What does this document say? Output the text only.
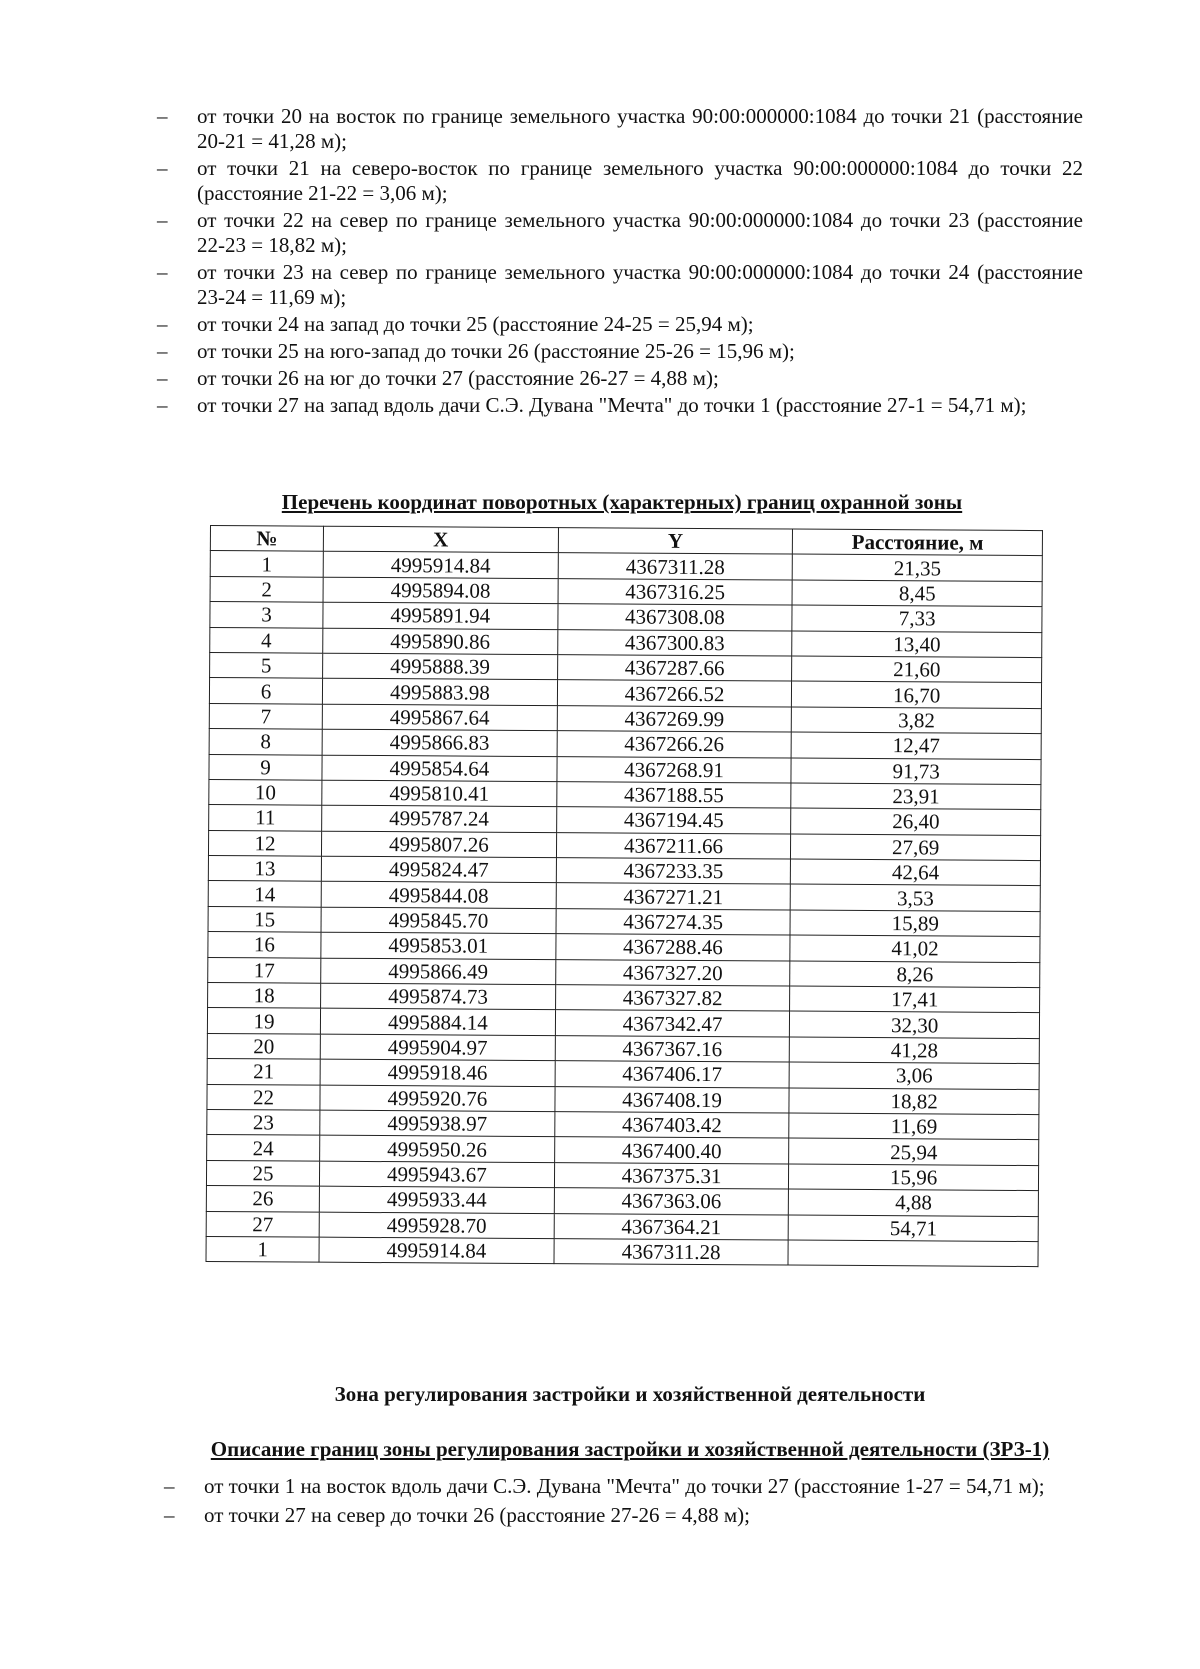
– от точки 20 на восток по границе земельного участка 90:00:000000:1084 до точки 21 (расстояние 20-21 = 41,28 м);
– от точки 21 на северо-восток по границе земельного участка 90:00:000000:1084 до точки 22 (расстояние 21-22 = 3,06 м);
– от точки 22 на север по границе земельного участка 90:00:000000:1084 до точки 23 (расстояние 22-23 = 18,82 м);
– от точки 23 на север по границе земельного участка 90:00:000000:1084 до точки 24 (расстояние 23-24 = 11,69 м);
– от точки 24 на запад до точки 25 (расстояние 24-25 = 25,94 м);
– от точки 25 на юго-запад до точки 26 (расстояние 25-26 = 15,96 м);
– от точки 26 на юг до точки 27 (расстояние 26-27 = 4,88 м);
– от точки 27 на запад вдоль дачи С.Э. Дувана "Мечта" до точки 1 (расстояние 27-1 = 54,71 м);
Перечень координат поворотных (характерных) границ охранной зоны
№	X	Y	Расстояние, м
1	4995914.84	4367311.28	21,35
2	4995894.08	4367316.25	8,45
3	4995891.94	4367308.08	7,33
4	4995890.86	4367300.83	13,40
5	4995888.39	4367287.66	21,60
6	4995883.98	4367266.52	16,70
7	4995867.64	4367269.99	3,82
8	4995866.83	4367266.26	12,47
9	4995854.64	4367268.91	91,73
10	4995810.41	4367188.55	23,91
11	4995787.24	4367194.45	26,40
12	4995807.26	4367211.66	27,69
13	4995824.47	4367233.35	42,64
14	4995844.08	4367271.21	3,53
15	4995845.70	4367274.35	15,89
16	4995853.01	4367288.46	41,02
17	4995866.49	4367327.20	8,26
18	4995874.73	4367327.82	17,41
19	4995884.14	4367342.47	32,30
20	4995904.97	4367367.16	41,28
21	4995918.46	4367406.17	3,06
22	4995920.76	4367408.19	18,82
23	4995938.97	4367403.42	11,69
24	4995950.26	4367400.40	25,94
25	4995943.67	4367375.31	15,96
26	4995933.44	4367363.06	4,88
27	4995928.70	4367364.21	54,71
1	4995914.84	4367311.28	
Зона регулирования застройки и хозяйственной деятельности
Описание границ зоны регулирования застройки и хозяйственной деятельности (ЗРЗ-1)
– от точки 1 на восток вдоль дачи С.Э. Дувана "Мечта" до точки 27 (расстояние 1-27 = 54,71 м);
– от точки 27 на север до точки 26 (расстояние 27-26 = 4,88 м);
